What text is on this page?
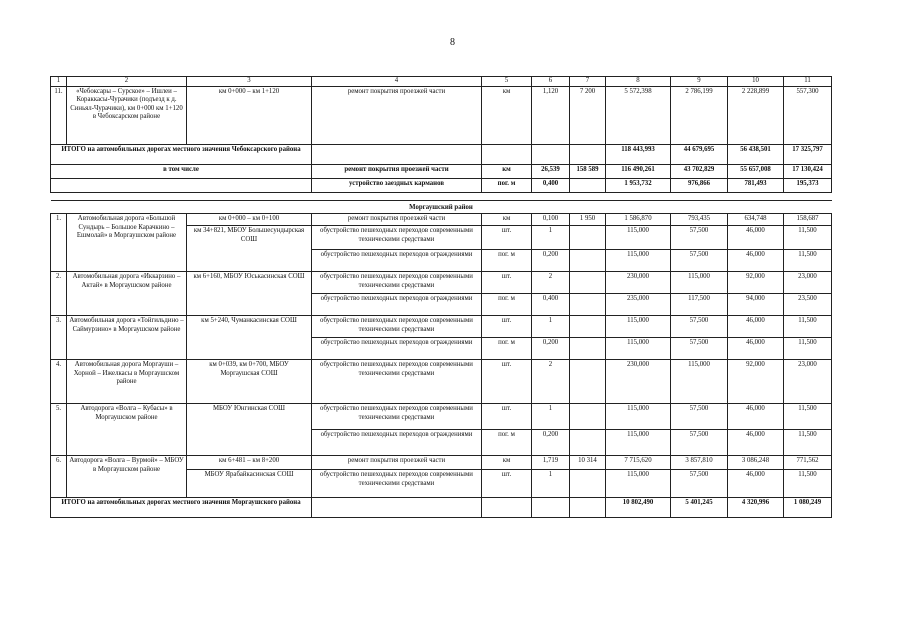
8
1	2	3	4	5	6	7	8	9	10	11
11.	«Чебоксары – Сурское» – Ишлеи – Кораккасы-Чурачики (подъезд к д. Синьял-Чурачики), км 0+000 км 1+120 в Чебоксарском районе	км 0+000 – км 1+120	ремонт покрытия проезжей части	км	1,120	7 200	5 572,398	2 786,199	2 228,899	557,300
ИТОГО на автомобильных дорогах местного значения Чебоксарского района							118 443,993	44 679,695	56 438,501	17 325,797
в том числе			ремонт покрытия проезжей части	км	26,539	158 589	116 490,261	43 702,829	55 657,008	17 130,424
			устройство заездных карманов	пог. м	0,400		1 953,732	976,866	781,493	195,373

Моргаушский район										
1.	Автомобильная дорога «Большой Сундырь – Большое Карачкино – Ешмолай» в Моргаушском районе	км 0+000 – км 0+100	ремонт покрытия проезжей части	км	0,100	1 950	1 586,870	793,435	634,748	158,687
		км 34+821, МБОУ Большесундырская СОШ	обустройство пешеходных переходов современными техническими средствами	шт.	1		115,000	57,500	46,000	11,500
			обустройство пешеходных переходов ограждениями	пог. м	0,200		115,000	57,500	46,000	11,500
2.	Автомобильная дорога «Иккарзино – Актай» в Моргаушском районе	км 6+160, МБОУ Юськасинская СОШ	обустройство пешеходных переходов современными техническими средствами	шт.	2		230,000	115,000	92,000	23,000
			обустройство пешеходных переходов ограждениями	пог. м	0,400		235,000	117,500	94,000	23,500
3.	Автомобильная дорога «Тойгильдино – Саймурзино» в Моргаушском районе	км 5+240, Чуманкасинская СОШ	обустройство пешеходных переходов современными техническими средствами	шт.	1		115,000	57,500	46,000	11,500
			обустройство пешеходных переходов ограждениями	пог. м	0,200		115,000	57,500	46,000	11,500
4.	Автомобильная дорога Моргауши – Хорной – Ижелкасы в Моргаушском районе	км 0+039, км 0+700, МБОУ Моргаушская СОШ	обустройство пешеходных переходов современными техническими средствами	шт.	2		230,000	115,000	92,000	23,000
5.	Автодорога «Волга – Кубасы» в Моргаушском районе	МБОУ Юнгинская СОШ	обустройство пешеходных переходов современными техническими средствами	шт.	1		115,000	57,500	46,000	11,500
			обустройство пешеходных переходов ограждениями	пог. м	0,200		115,000	57,500	46,000	11,500
6.	Автодорога «Волга – Вурмой» – МБОУ в Моргаушском районе	км 6+481 – км 8+200	ремонт покрытия проезжей части	км	1,719	10 314	7 715,620	3 857,810	3 086,248	771,562
		МБОУ Ярабайкасинская СОШ	обустройство пешеходных переходов современными техническими средствами	шт.	1		115,000	57,500	46,000	11,500
ИТОГО на автомобильных дорогах местного значения Моргаушского района							10 802,490	5 401,245	4 320,996	1 080,249
